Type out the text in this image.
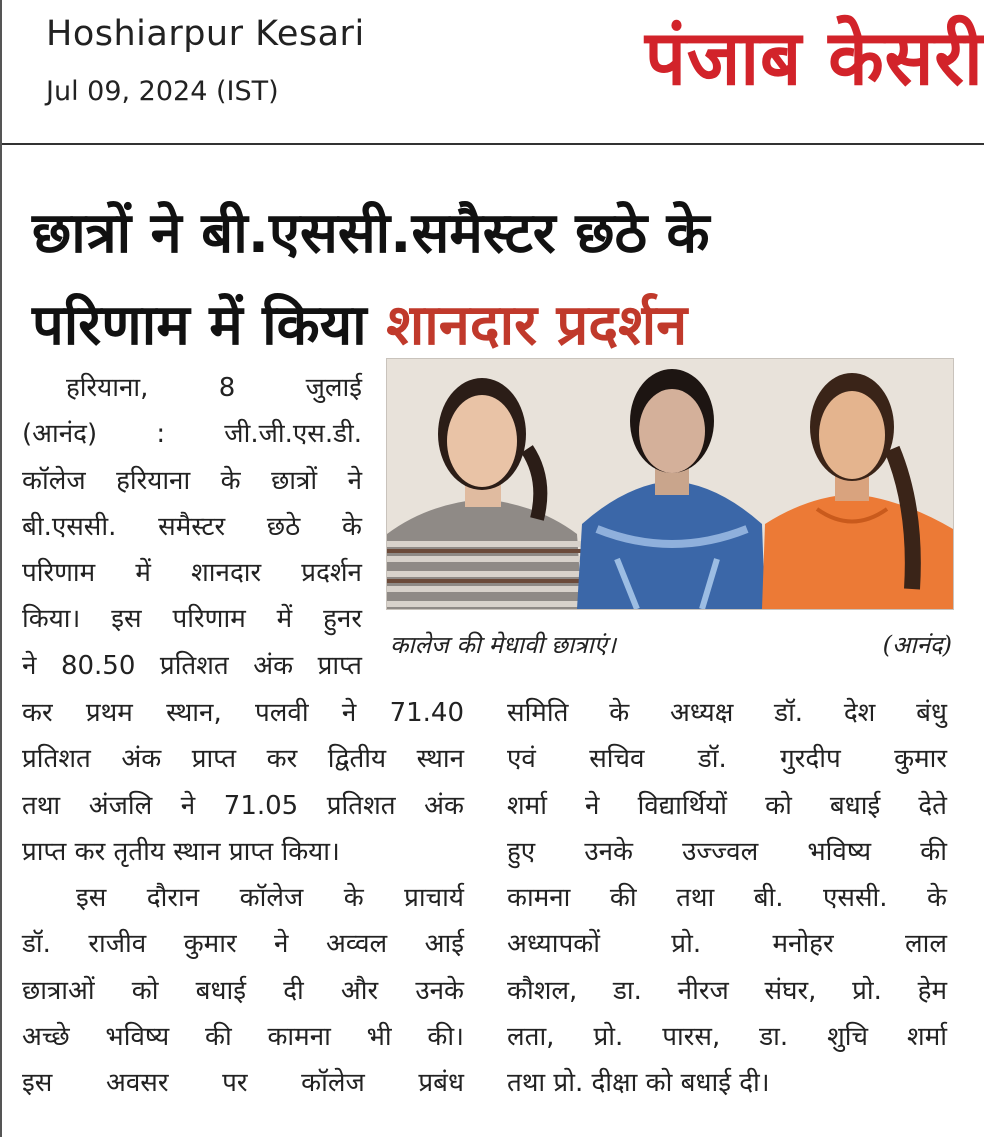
Hoshiarpur Kesari
Jul 09, 2024 (IST)	पंजाब केसरी
छात्रों ने बी.एससी.समैस्टर छठे के
परिणाम में किया शानदार प्रदर्शन
कालेज की मेधावी छात्राएं।	(आनंद)
हरियाना, 8 जुलाई
(आनंद) : जी.जी.एस.डी.
कॉलेज हरियाना के छात्रों ने
बी.एससी. समैस्टर छठे के
परिणाम में शानदार प्रदर्शन
किया। इस परिणाम में हुनर
ने 80.50 प्रतिशत अंक प्राप्त
कर प्रथम स्थान, पलवी ने 71.40
प्रतिशत अंक प्राप्त कर द्वितीय स्थान
तथा अंजलि ने 71.05 प्रतिशत अंक
प्राप्त कर तृतीय स्थान प्राप्त किया।
इस दौरान कॉलेज के प्राचार्य
डॉ. राजीव कुमार ने अव्वल आई
छात्राओं को बधाई दी और उनके
अच्छे भविष्य की कामना भी की।
इस अवसर पर कॉलेज प्रबंध
समिति के अध्यक्ष डॉ. देश बंधु
एवं सचिव डॉ. गुरदीप कुमार
शर्मा ने विद्यार्थियों को बधाई देते
हुए उनके उज्ज्वल भविष्य की
कामना की तथा बी. एससी. के
अध्यापकों प्रो. मनोहर लाल
कौशल, डा. नीरज संघर, प्रो. हेम
लता, प्रो. पारस, डा. शुचि शर्मा
तथा प्रो. दीक्षा को बधाई दी।
